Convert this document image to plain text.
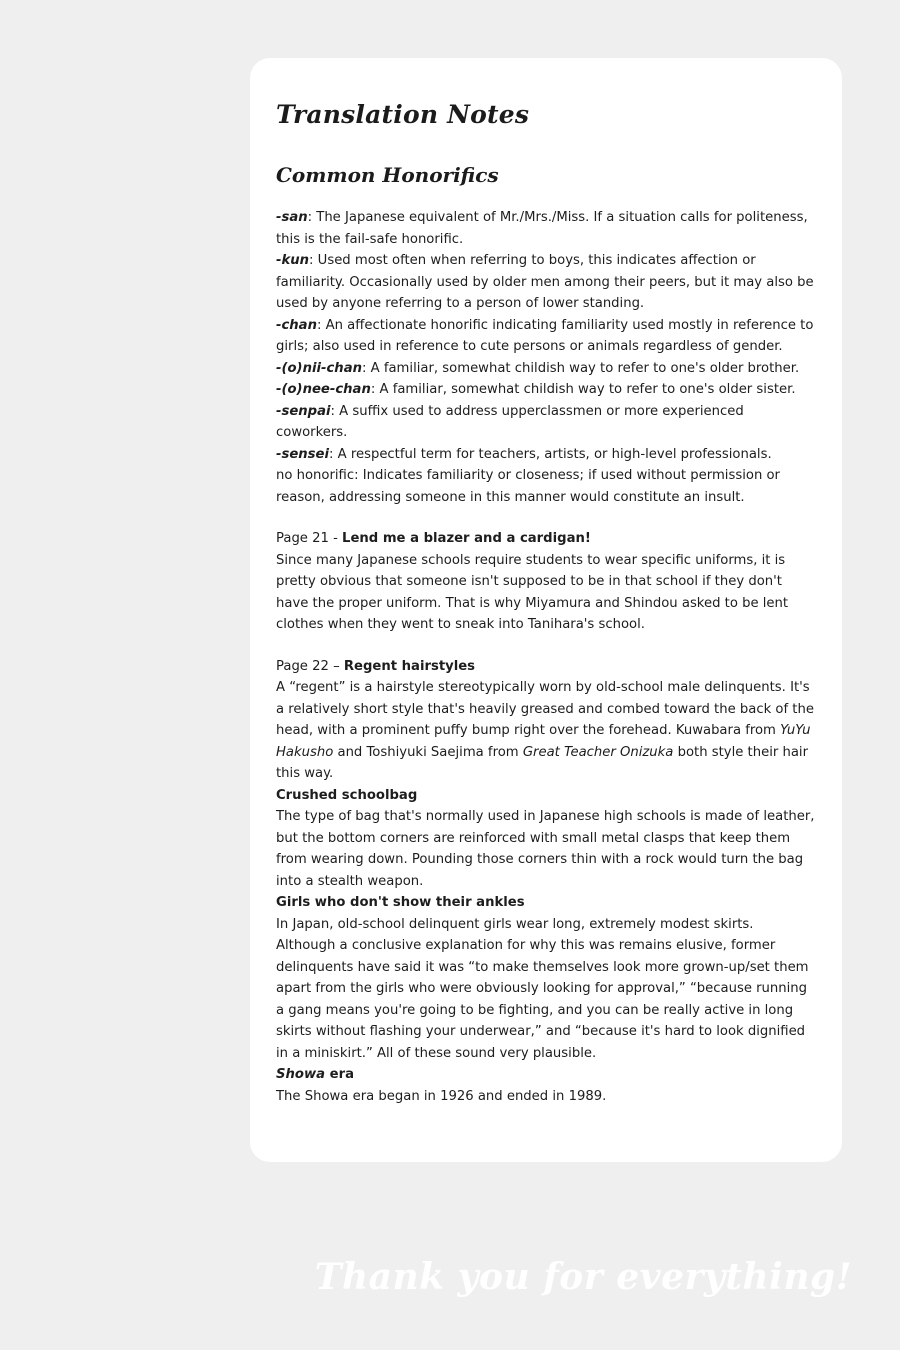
Translation Notes
Common Honorifics

-san: The Japanese equivalent of Mr./Mrs./Miss. If a situation calls for politeness, this is the fail-safe honorific.

-kun: Used most often when referring to boys, this indicates affection or familiarity. Occasionally used by older men among their peers, but it may also be used by anyone referring to a person of lower standing.

-chan: An affectionate honorific indicating familiarity used mostly in reference to girls; also used in reference to cute persons or animals regardless of gender.

-(o)nii-chan: A familiar, somewhat childish way to refer to one's older brother.

-(o)nee-chan: A familiar, somewhat childish way to refer to one's older sister.

-senpai: A suffix used to address upperclassmen or more experienced coworkers.

-sensei: A respectful term for teachers, artists, or high-level professionals.

no honorific: Indicates familiarity or closeness; if used without permission or reason, addressing someone in this manner would constitute an insult.

Page 21 - Lend me a blazer and a cardigan!

Since many Japanese schools require students to wear specific uniforms, it is pretty obvious that someone isn't supposed to be in that school if they don't have the proper uniform. That is why Miyamura and Shindou asked to be lent clothes when they went to sneak into Tanihara's school.

Page 22 – Regent hairstyles

A “regent” is a hairstyle stereotypically worn by old-school male delinquents. It's a relatively short style that's heavily greased and combed toward the back of the head, with a prominent puffy bump right over the forehead. Kuwabara from YuYu Hakusho and Toshiyuki Saejima from Great Teacher Onizuka both style their hair this way.

Crushed schoolbag

The type of bag that's normally used in Japanese high schools is made of leather, but the bottom corners are reinforced with small metal clasps that keep them from wearing down. Pounding those corners thin with a rock would turn the bag into a stealth weapon.

Girls who don't show their ankles

In Japan, old-school delinquent girls wear long, extremely modest skirts. Although a conclusive explanation for why this was remains elusive, former delinquents have said it was “to make themselves look more grown-up/set them apart from the girls who were obviously looking for approval,” “because running a gang means you're going to be fighting, and you can be really active in long skirts without flashing your underwear,” and “because it's hard to look dignified in a miniskirt.” All of these sound very plausible.

Showa era

The Showa era began in 1926 and ended in 1989.

Thank you for everything!
